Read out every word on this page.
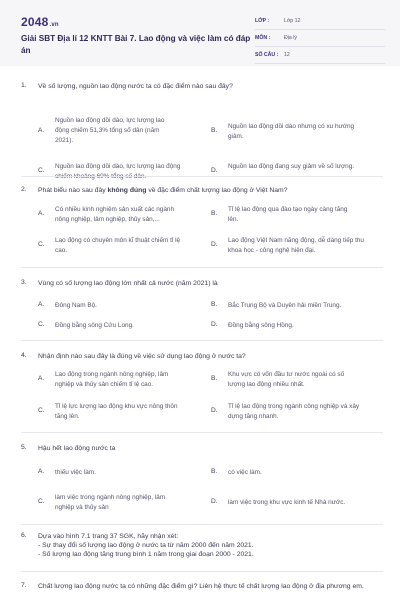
2048.vn
Giải SBT Địa lí 12 KNTT Bài 7. Lao động và việc làm có đáp án
LỚP :	Lớp 12
MÔN :	Địa lý
SỐ CÂU : 12
1. Về số lượng, nguồn lao động nước ta có đặc điểm nào sau đây?
A.
Nguồn lao động dồi dào, lực lượng lao động chiếm 51,3% tổng số dân (năm 2021).
B.
Nguồn lao động dồi dào nhưng có xu hướng giảm.
C.
Nguồn lao động dồi dào, lực lượng lao động
D.
Nguồn lao động đang suy giảm về số lượng.
2. Phát biểu nào sau đây không đúng về đặc điểm chất lượng lao động ở Việt Nam?
A.
Có nhiều kinh nghiệm sản xuất các ngành nông nghiệp, lâm nghiệp, thủy sản,...
B.
Tỉ lệ lao động qua đào tạo ngày càng tăng lên.
C.
Lao động có chuyên môn kĩ thuật chiếm tỉ lệ cao.
D.
Lao động Việt Nam năng động, dễ dàng tiếp thu khoa học - công nghệ hiện đại.
3. Vùng có số lượng lao động lớn nhất cả nước (năm 2021) là
A. Đông Nam Bộ.	B. Bắc Trung Bộ và Duyên hải miền Trung.
C. Đồng bằng sông Cửu Long.	D. Đồng bằng sông Hồng.
4. Nhận định nào sau đây là đúng về việc sử dụng lao động ở nước ta?
A.
Lao động trong ngành nông nghiệp, lâm nghiệp và thủy sản chiếm tỉ lệ cao.
B.
Khu vực có vốn đầu tư nước ngoài có số lượng lao động nhiều nhất.
C.
Tỉ lệ lực lượng lao động khu vực nông thôn tăng lên.
D.
Tỉ lệ lao động trong ngành công nghiệp và xây dựng tăng nhanh.
5. Hậu hết lao động nước ta
A. thiếu việc làm.	B. có việc làm.
C.
làm việc trong ngành nông nghiệp, lâm nghiệp và thủy sản
D. làm việc trong khu vực kinh tế Nhà nước.
6. Dựa vào hình 7.1 trang 37 SGK, hãy nhận xét:
- Sự thay đổi số lượng lao động ở nước ta từ năm 2000 đến năm 2021.
- Số lượng lao động tăng trung bình 1 năm trong giai đoạn 2000 - 2021.
7. Chất lượng lao động nước ta có những đặc điểm gì? Liên hệ thực tế chất lượng lao động ở địa phương em.
